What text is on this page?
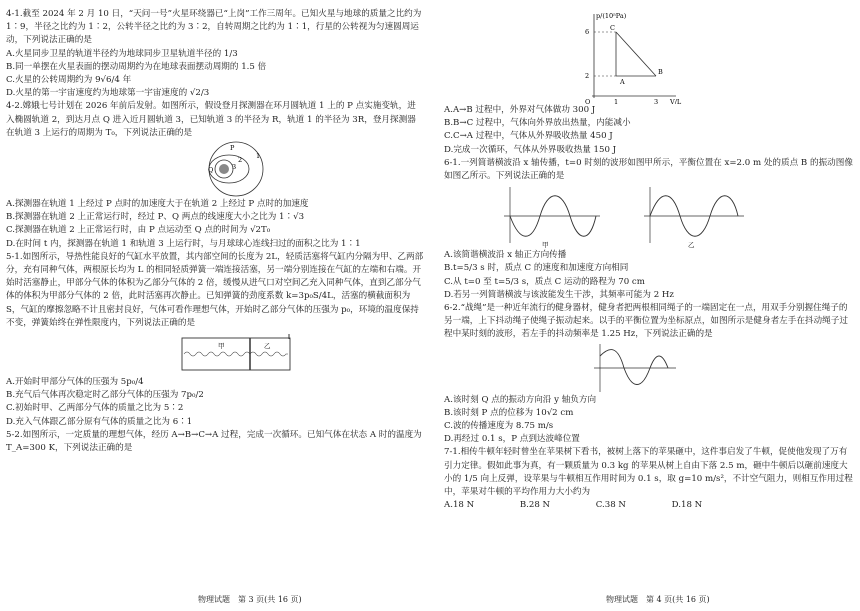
4-1.截至 2024 年 2 月 10 日，“天问一号”火星环绕器已“上岗”工作三周年。已知火星与地球的质量之比约为 1∶9，半径之比约为 1∶2，公转半径之比约为 3∶2，自转周期之比约为 1∶1，行星的公转视为匀速圆周运动，下列说法正确的是

A.火星同步卫星的轨道半径约为地球同步卫星轨道半径的 1/3

B.同一单摆在火星表面的摆动周期约为在地球表面摆动周期的 1.5 倍

C.火星的公转周期约为 9√6/4 年

D.火星的第一宇宙速度约为地球第一宇宙速度的 √2/3

4-2.嫦娥七号计划在 2026 年前后发射。如图所示，假设登月探测器在环月圆轨道 1 上的 P 点实施变轨，进入椭圆轨道 2，到达月点 Q 进入近月圆轨道 3，已知轨道 3 的半径为 R，轨道 1 的半径为 3R，登月探测器在轨道 3 上运行的周期为 T₀，下列说法正确的是

P
Q
2
3
1

A.探测器在轨道 1 上经过 P 点时的加速度大于在轨道 2 上经过 P 点时的加速度

B.探测器在轨道 2 上正常运行时，经过 P、Q 两点的线速度大小之比为 1∶√3

C.探测器在轨道 2 上正常运行时，由 P 点运动至 Q 点的时间为 √2T₀

D.在时间 t 内，探测器在轨道 1 和轨道 3 上运行时，与月球球心连线扫过的面积之比为 1∶1

5-1.如图所示，导热性能良好的气缸水平放置，其内部空间的长度为 2L，轻质活塞将气缸内分隔为甲、乙两部分，充有同种气体，两根原长均为 L 的相同轻质弹簧一端连接活塞，另一端分别连接在气缸的左端和右端。开始时活塞静止，甲部分气体的体积为乙部分气体的 2 倍，缓慢从进气口对空间乙充入同种气体，直到乙部分气体的体积为甲部分气体的 2 倍，此时活塞再次静止。已知弹簧的劲度系数 k=3p₀S/4L，活塞的横截面积为 S，气缸的摩擦忽略不计且密封良好，气体可看作理想气体，开始时乙部分气体的压强为 p₀，环境的温度保持不变，弹簧始终在弹性限度内，下列说法正确的是

甲	乙

A.开始时甲部分气体的压强为 5p₀/4

B.充气后气体再次稳定时乙部分气体的压强为 7p₀/2

C.初始时甲、乙两部分气体的质量之比为 5∶2

D.充入气体跟乙部分原有气体的质量之比为 6∶1

5-2.如图所示，一定质量的理想气体，经历 A→B→C→A 过程，完成一次循环。已知气体在状态 A 时的温度为 T_A=300 K，下列说法正确的是

物理试题　第 3 页(共 16 页)
p/(10⁵Pa)
V/L
6
2
1	3
O
A
B
C

A.A→B 过程中，外界对气体做功 300 J

B.B→C 过程中，气体向外界放出热量，内能减小

C.C→A 过程中，气体从外界吸收热量 450 J

D.完成一次循环，气体从外界吸收热量 150 J

6-1.一列简谐横波沿 x 轴传播，t=0 时刻的波形如图甲所示，平衡位置在 x=2.0 m 处的质点 B 的振动图像如图乙所示。下列说法正确的是

甲	乙

A.该简谐横波沿 x 轴正方向传播

B.t=5/3 s 时，质点 C 的速度和加速度方向相同

C.从 t=0 至 t=5/3 s，质点 C 运动的路程为 70 cm

D.若另一列简谐横波与该波能发生干涉，其频率可能为 2 Hz

6-2.“战绳”是一种近年流行的健身器材，健身者把两根相同绳子的一端固定在一点，用双手分别握住绳子的另一端，上下抖动绳子使绳子振动起来。以手的平衡位置为坐标原点，如图所示是健身者左手在抖动绳子过程中某时刻的波形，若左手的抖动频率是 1.25 Hz，下列说法正确的是

A.该时刻 Q 点的振动方向沿 y 轴负方向

B.该时刻 P 点的位移为 10√2 cm

C.波的传播速度为 8.75 m/s

D.再经过 0.1 s，P 点到达波峰位置

7-1.相传牛顿年轻时曾坐在苹果树下看书，被树上落下的苹果砸中，这件事启发了牛顿，促使他发现了万有引力定律。假如此事为真，有一颗质量为 0.3 kg 的苹果从树上自由下落 2.5 m，砸中牛顿后以砸前速度大小的 1/5 向上反弹，设苹果与牛顿相互作用时间为 0.1 s，取 g=10 m/s²，不计空气阻力，则相互作用过程中，苹果对牛顿的平均作用力大小约为

A.18 N　　　　　	B.28 N　　　　　	C.38 N　　　　　	D.18 N

物理试题　第 4 页(共 16 页)
